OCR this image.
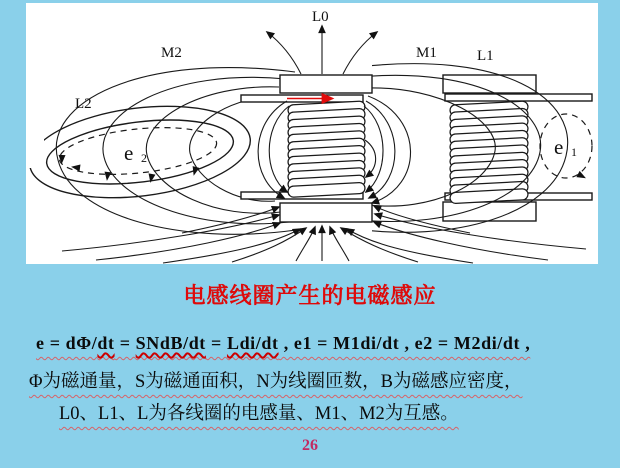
L0
M2
L2
M1	L1
e 2	e 1
电感线圈产生的电磁感应

e = dΦ/dt = SNdB/dt = Ldi/dt , e1 = M1di/dt , e2 = M2di/dt ,

Φ为磁通量，S为磁通面积，N为线圈匝数，B为磁感应密度，

L0、L1、L为各线圈的电感量、M1、M2为互感。

26
